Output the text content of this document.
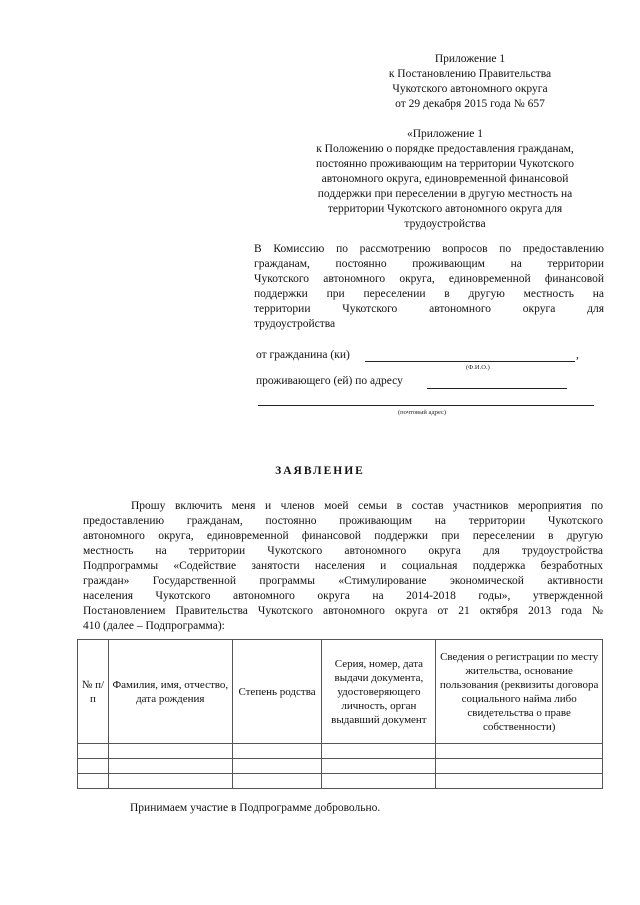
Приложение 1
к Постановлению Правительства
Чукотского автономного округа
от 29 декабря 2015 года № 657
«Приложение 1
к Положению о порядке предоставления гражданам,
постоянно проживающим на территории Чукотского
автономного округа, единовременной финансовой
поддержки при переселении в другую местность на
территории Чукотского автономного округа для
трудоустройства
В Комиссию по рассмотрению вопросов по предоставлению
гражданам, постоянно проживающим на территории
Чукотского автономного округа, единовременной финансовой
поддержки при переселении в другую местность на
территории Чукотского автономного округа для
трудоустройства
от гражданина (ки)	,
(Ф.И.О.)
проживающего (ей) по адресу
(почтовый адрес)
ЗАЯВЛЕНИЕ
Прошу включить меня и членов моей семьи в состав участников мероприятия по
предоставлению гражданам, постоянно проживающим на территории Чукотского
автономного округа, единовременной финансовой поддержки при переселении в другую
местность на территории Чукотского автономного округа для трудоустройства
Подпрограммы «Содействие занятости населения и социальная поддержка безработных
граждан» Государственной программы «Стимулирование экономической активности
населения Чукотского автономного округа на 2014-2018 годы», утвержденной
Постановлением Правительства Чукотского автономного округа от 21 октября 2013 года №
410 (далее – Подпрограмма):
№ п/п	Фамилия, имя, отчество, дата рождения	Степень родства	Серия, номер, дата выдачи документа, удостоверяющего личность, орган выдавший документ	Сведения о регистрации по месту жительства, основание пользования (реквизиты договора социального найма либо свидетельства о праве собственности)

Принимаем участие в Подпрограмме добровольно.
